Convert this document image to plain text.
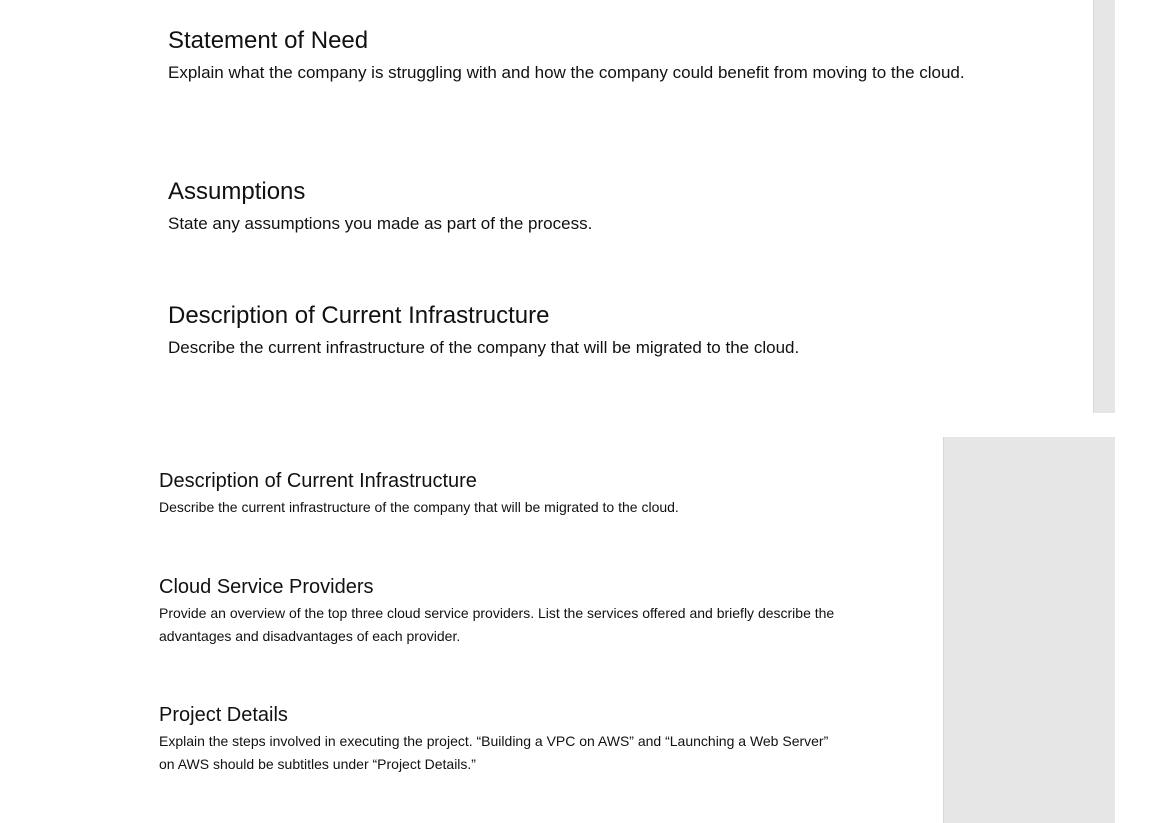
Statement of Need

Explain what the company is struggling with and how the company could benefit from moving to the cloud.

Assumptions

State any assumptions you made as part of the process.

Description of Current Infrastructure

Describe the current infrastructure of the company that will be migrated to the cloud.

Description of Current Infrastructure

Describe the current infrastructure of the company that will be migrated to the cloud.

Cloud Service Providers

Provide an overview of the top three cloud service providers. List the services offered and briefly describe the advantages and disadvantages of each provider.

Project Details

Explain the steps involved in executing the project. “Building a VPC on AWS” and “Launching a Web Server” on AWS should be subtitles under “Project Details.”
